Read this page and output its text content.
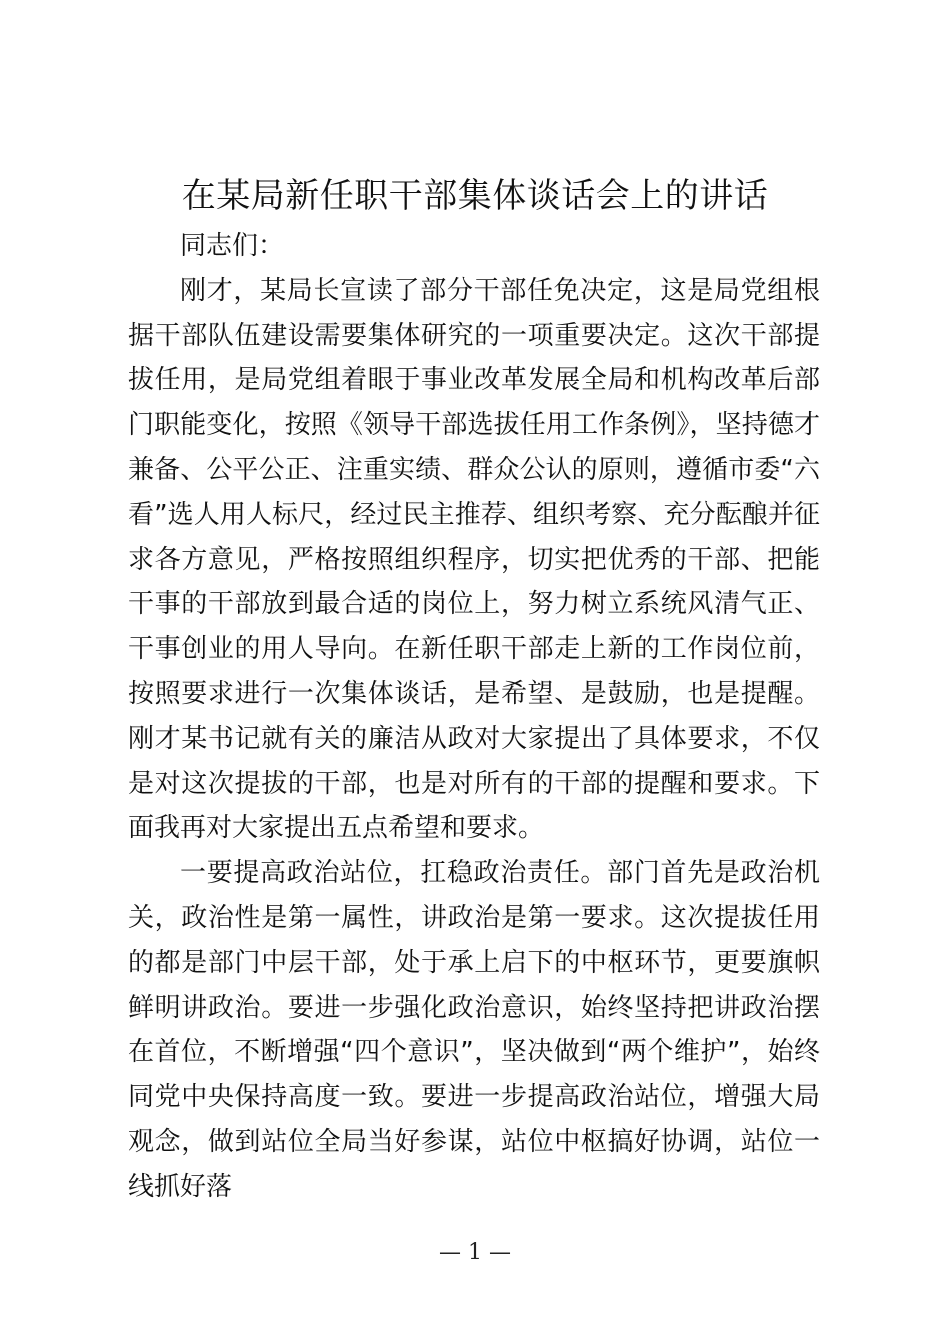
在某局新任职干部集体谈话会上的讲话

同志们：

刚才，某局长宣读了部分干部任免决定，这是局党组根据干部队伍建设需要集体研究的一项重要决定。这次干部提拔任用，是局党组着眼于事业改革发展全局和机构改革后部门职能变化，按照《领导干部选拔任用工作条例》，坚持德才兼备、公平公正、注重实绩、群众公认的原则，遵循市委“六看”选人用人标尺，经过民主推荐、组织考察、充分酝酿并征求各方意见，严格按照组织程序，切实把优秀的干部、把能干事的干部放到最合适的岗位上，努力树立系统风清气正、干事创业的用人导向。在新任职干部走上新的工作岗位前，按照要求进行一次集体谈话，是希望、是鼓励，也是提醒。刚才某书记就有关的廉洁从政对大家提出了具体要求，不仅是对这次提拔的干部，也是对所有的干部的提醒和要求。下面我再对大家提出五点希望和要求。

一要提高政治站位，扛稳政治责任。部门首先是政治机关，政治性是第一属性，讲政治是第一要求。这次提拔任用的都是部门中层干部，处于承上启下的中枢环节，更要旗帜鲜明讲政治。要进一步强化政治意识，始终坚持把讲政治摆在首位，不断增强“四个意识”，坚决做到“两个维护”，始终同党中央保持高度一致。要进一步提高政治站位，增强大局观念，做到站位全局当好参谋，站位中枢搞好协调，站位一线抓好落

— 1 —
